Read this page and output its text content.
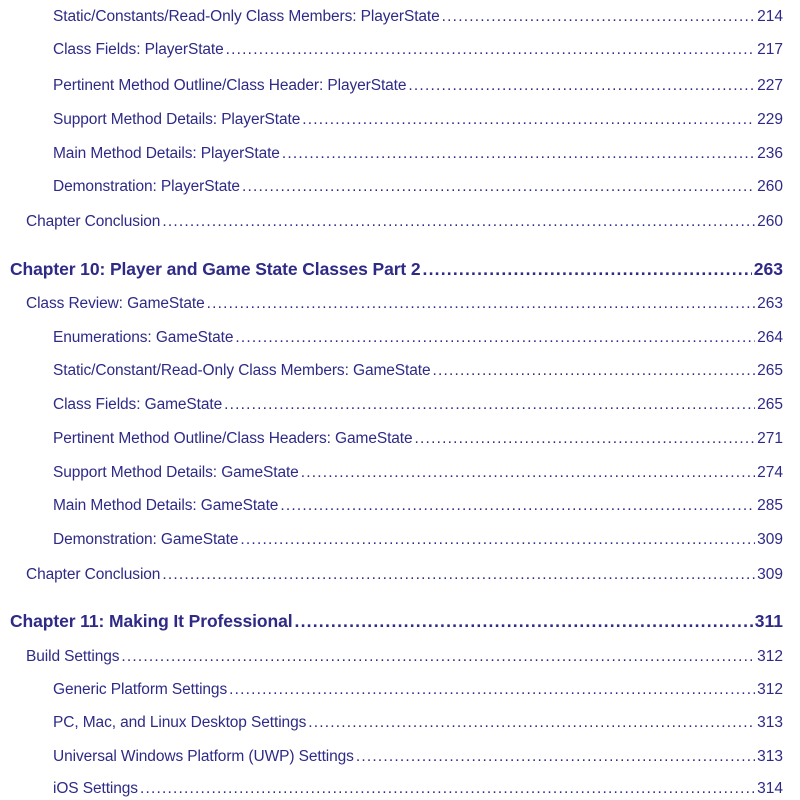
Static/Constants/Read-Only Class Members: PlayerState .....	214
Class Fields: PlayerState .....	217
Pertinent Method Outline/Class Header: PlayerState .....	227
Support Method Details: PlayerState .....	229
Main Method Details: PlayerState .....	236
Demonstration: PlayerState .....	260
Chapter Conclusion .....	260
Chapter 10: Player and Game State Classes Part 2 .....	263
Class Review: GameState .....	263
Enumerations: GameState .....	264
Static/Constant/Read-Only Class Members: GameState .....	265
Class Fields: GameState .....	265
Pertinent Method Outline/Class Headers: GameState .....	271
Support Method Details: GameState .....	274
Main Method Details: GameState .....	285
Demonstration: GameState .....	309
Chapter Conclusion .....	309
Chapter 11: Making It Professional .....	311
Build Settings .....	312
Generic Platform Settings .....	312
PC, Mac, and Linux Desktop Settings .....	313
Universal Windows Platform (UWP) Settings .....	313
iOS Settings .....	314
